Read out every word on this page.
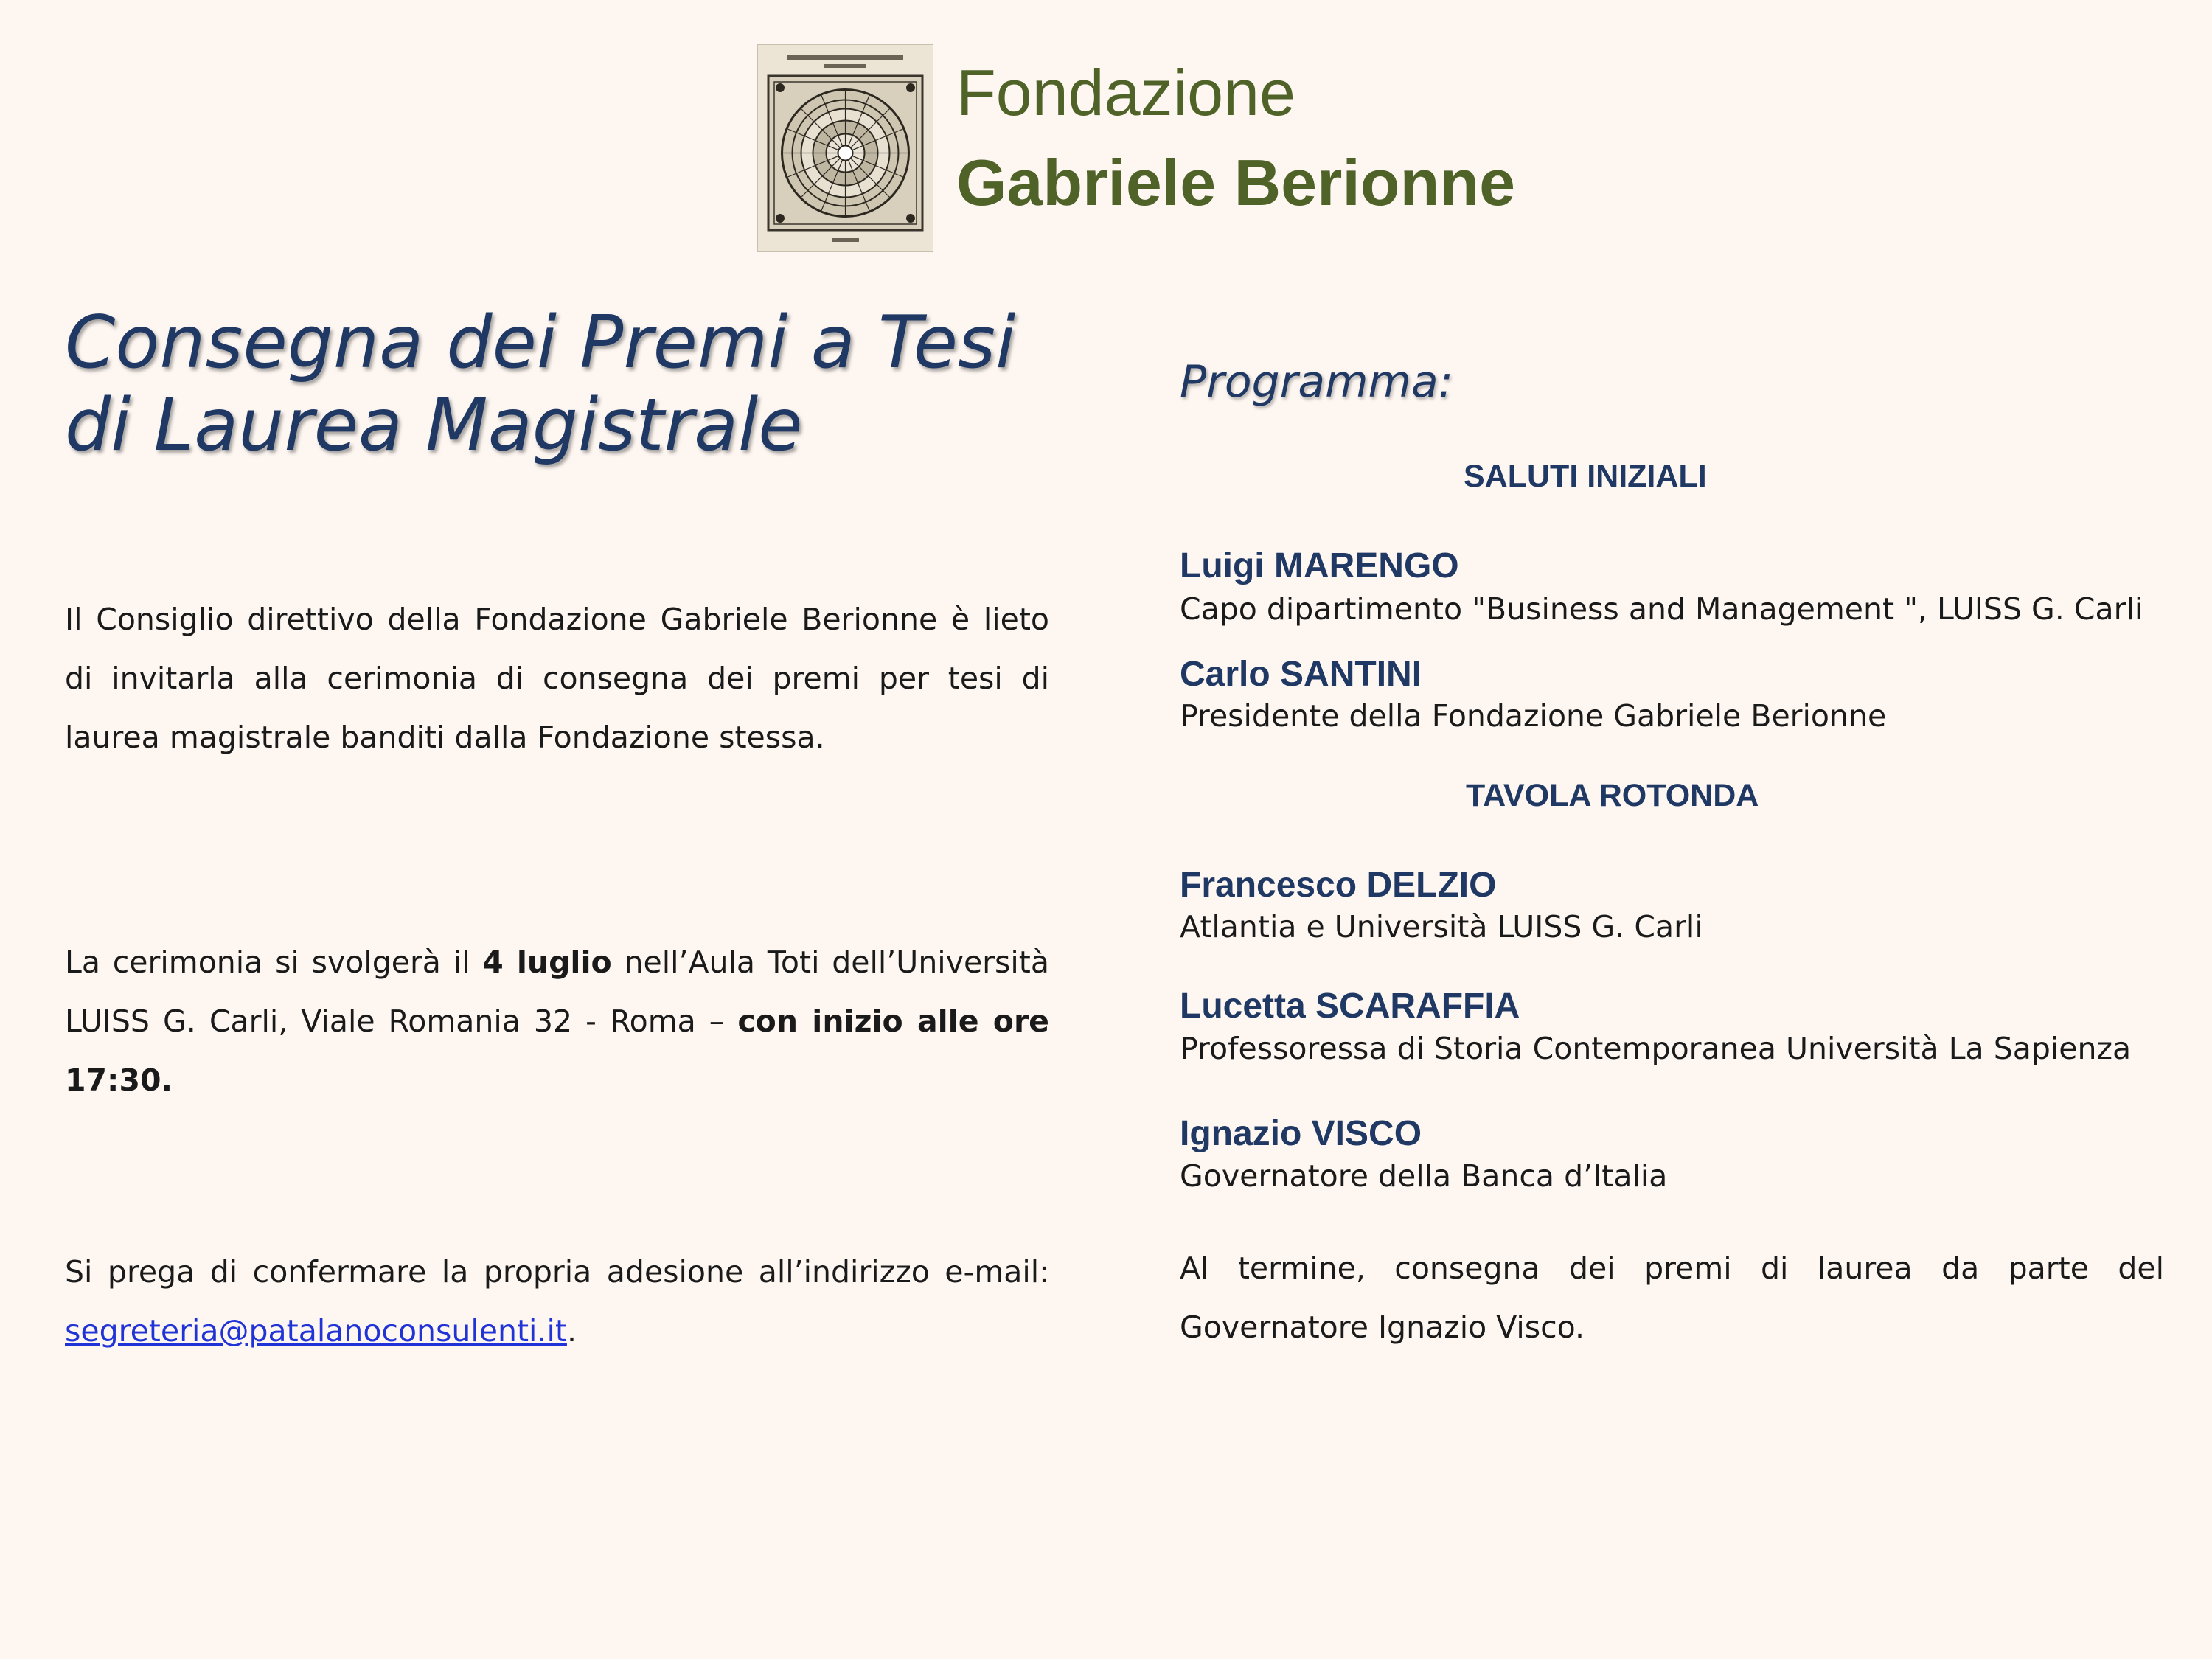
Fondazione
Gabriele Berionne
Consegna dei Premi a Tesi
di Laurea Magistrale
Il Consiglio direttivo della Fondazione Gabriele Berionne è lieto di invitarla alla cerimonia di consegna dei premi per tesi di laurea magistrale banditi dalla Fondazione stessa.
La cerimonia si svolgerà il 4 luglio nell’Aula Toti dell’Università LUISS G. Carli, Viale Romania 32 - Roma – con inizio alle ore 17:30.
Si prega di confermare la propria adesione all’indirizzo e-mail: segreteria@patalanoconsulenti.it.
Programma:
SALUTI INIZIALI
Luigi MARENGO
Capo dipartimento "Business and Management ", LUISS G. Carli
Carlo SANTINI
Presidente della Fondazione Gabriele Berionne
TAVOLA ROTONDA
Francesco DELZIO
Atlantia e Università LUISS G. Carli
Lucetta SCARAFFIA
Professoressa di Storia Contemporanea Università La Sapienza
Ignazio VISCO
Governatore della Banca d’Italia
Al termine, consegna dei premi di laurea da parte del Governatore Ignazio Visco.
